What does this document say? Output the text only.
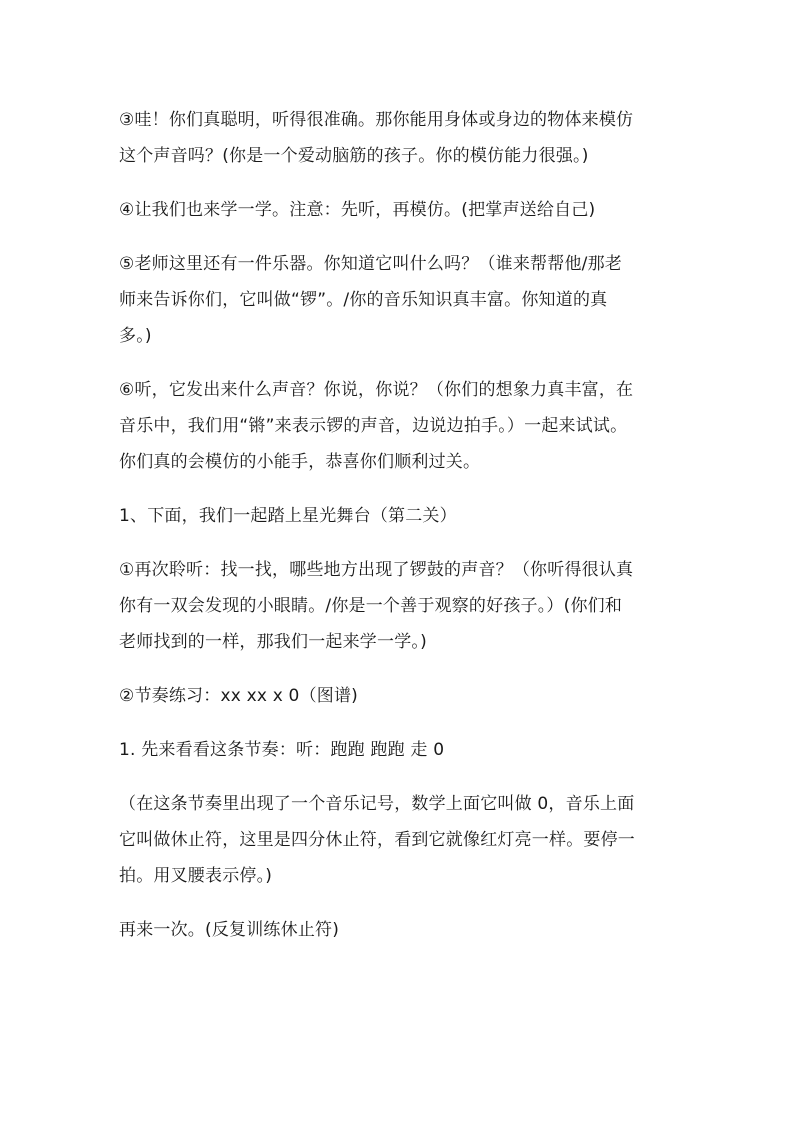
③哇！你们真聪明，听得很准确。那你能用身体或身边的物体来模仿
这个声音吗？(你是一个爱动脑筋的孩子。你的模仿能力很强。)

④让我们也来学一学。注意：先听，再模仿。(把掌声送给自己)

⑤老师这里还有一件乐器。你知道它叫什么吗？（谁来帮帮他/那老
师来告诉你们，它叫做“锣”。/你的音乐知识真丰富。你知道的真
多。)

⑥听，它发出来什么声音？你说，你说？（你们的想象力真丰富，在
音乐中，我们用“锵”来表示锣的声音，边说边拍手。）一起来试试。
你们真的会模仿的小能手，恭喜你们顺利过关。

1、下面，我们一起踏上星光舞台（第二关）

①再次聆听：找一找，哪些地方出现了锣鼓的声音？（你听得很认真
你有一双会发现的小眼睛。/你是一个善于观察的好孩子。）(你们和
老师找到的一样，那我们一起来学一学。)

②节奏练习：xx xx x 0（图谱)

1. 先来看看这条节奏：听：跑跑 跑跑 走 0

（在这条节奏里出现了一个音乐记号，数学上面它叫做 0，音乐上面
它叫做休止符，这里是四分休止符，看到它就像红灯亮一样。要停一
拍。用叉腰表示停。)

再来一次。(反复训练休止符)
